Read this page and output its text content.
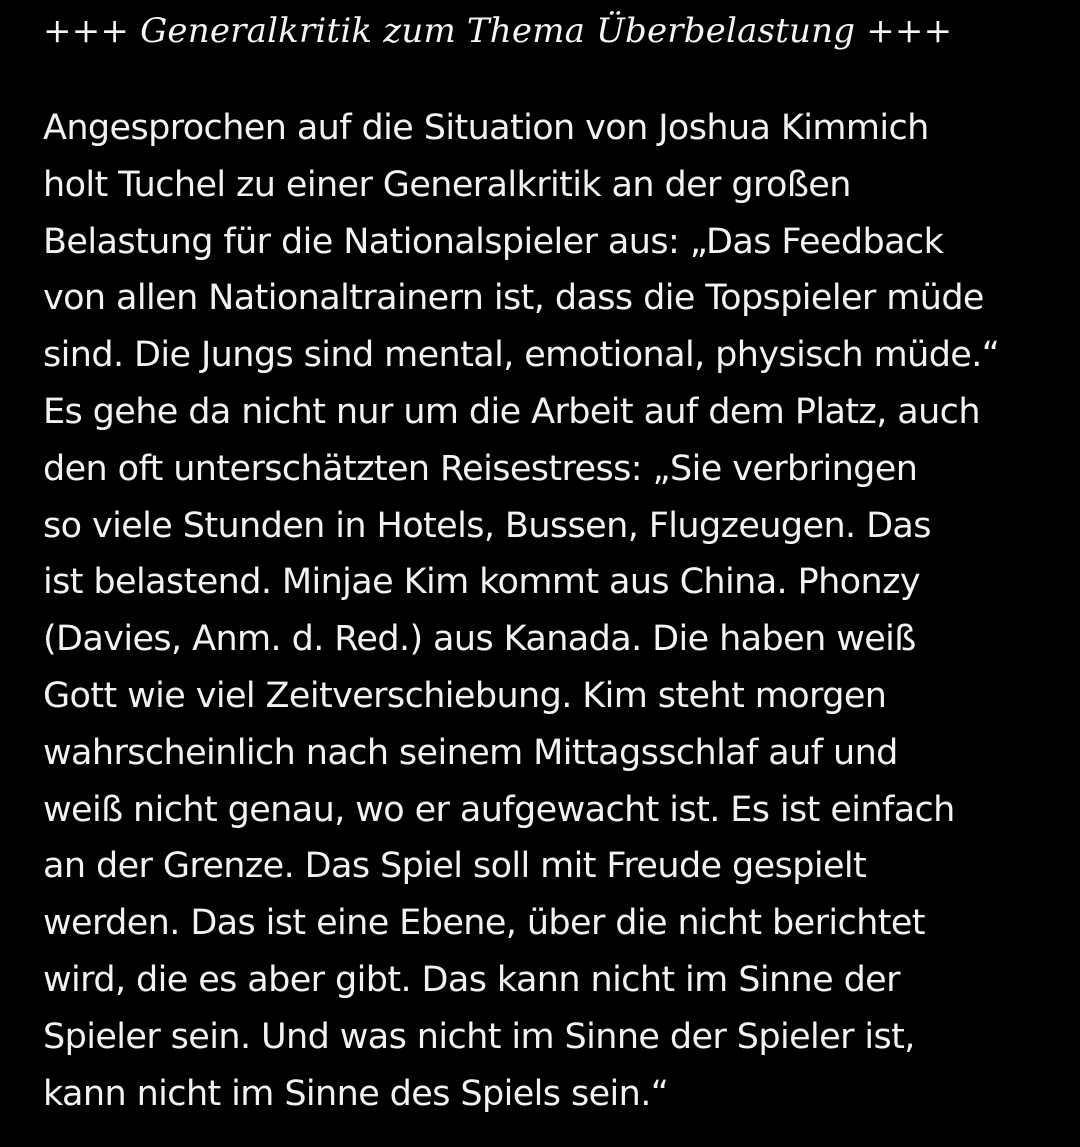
+++ Generalkritik zum Thema Überbelastung +++

Angesprochen auf die Situation von Joshua Kimmich
holt Tuchel zu einer Generalkritik an der großen
Belastung für die Nationalspieler aus: „Das Feedback
von allen Nationaltrainern ist, dass die Topspieler müde
sind. Die Jungs sind mental, emotional, physisch müde.“
Es gehe da nicht nur um die Arbeit auf dem Platz, auch
den oft unterschätzten Reisestress: „Sie verbringen
so viele Stunden in Hotels, Bussen, Flugzeugen. Das
ist belastend. Minjae Kim kommt aus China. Phonzy
(Davies, Anm. d. Red.) aus Kanada. Die haben weiß
Gott wie viel Zeitverschiebung. Kim steht morgen
wahrscheinlich nach seinem Mittagsschlaf auf und
weiß nicht genau, wo er aufgewacht ist. Es ist einfach
an der Grenze. Das Spiel soll mit Freude gespielt
werden. Das ist eine Ebene, über die nicht berichtet
wird, die es aber gibt. Das kann nicht im Sinne der
Spieler sein. Und was nicht im Sinne der Spieler ist,
kann nicht im Sinne des Spiels sein.“
